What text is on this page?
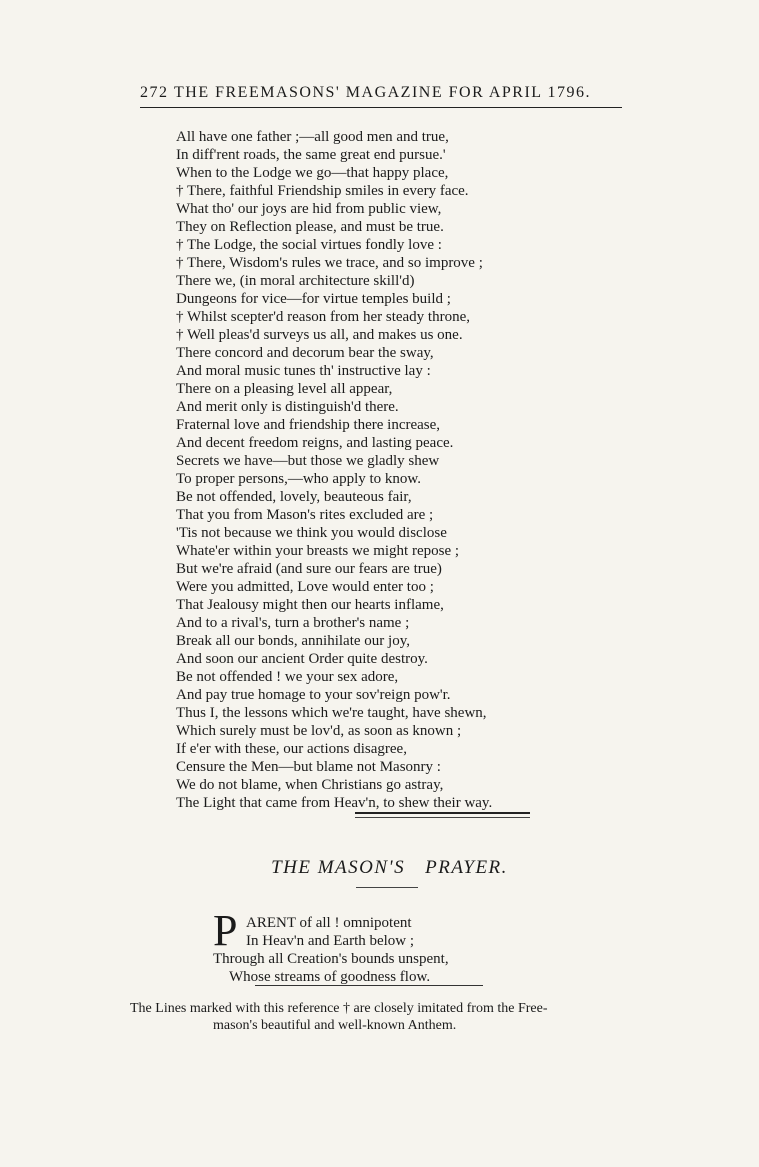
272 THE FREEMASONS' MAGAZINE FOR APRIL 1796.
All have one father ;—all good men and true,
In diff'rent roads, the same great end pursue.'
When to the Lodge we go—that happy place,
† There, faithful Friendship smiles in every face.
What tho' our joys are hid from public view,
They on Reflection please, and must be true.
† The Lodge, the social virtues fondly love :
† There, Wisdom's rules we trace, and so improve ;
There we, (in moral architecture skill'd)
Dungeons for vice—for virtue temples build ;
† Whilst scepter'd reason from her steady throne,
† Well pleas'd surveys us all, and makes us one.
There concord and decorum bear the sway,
And moral music tunes th' instructive lay :
There on a pleasing level all appear,
And merit only is distinguish'd there.
Fraternal love and friendship there increase,
And decent freedom reigns, and lasting peace.
Secrets we have—but those we gladly shew
To proper persons,—who apply to know.
Be not offended, lovely, beauteous fair,
That you from Mason's rites excluded are ;
'Tis not because we think you would disclose
Whate'er within your breasts we might repose ;
But we're afraid (and sure our fears are true)
Were you admitted, Love would enter too ;
That Jealousy might then our hearts inflame,
And to a rival's, turn a brother's name ;
Break all our bonds, annihilate our joy,
And soon our ancient Order quite destroy.
Be not offended ! we your sex adore,
And pay true homage to your sov'reign pow'r.
Thus I, the lessons which we're taught, have shewn,
Which surely must be lov'd, as soon as known ;
If e'er with these, our actions disagree,
Censure the Men—but blame not Masonry :
We do not blame, when Christians go astray,
The Light that came from Heav'n, to shew their way.
THE MASON'S PRAYER.
P ARENT of all ! omnipotent
In Heav'n and Earth below ;
Through all Creation's bounds unspent,
Whose streams of goodness flow.
The Lines marked with this reference † are closely imitated from the Free-
mason's beautiful and well-known Anthem.
